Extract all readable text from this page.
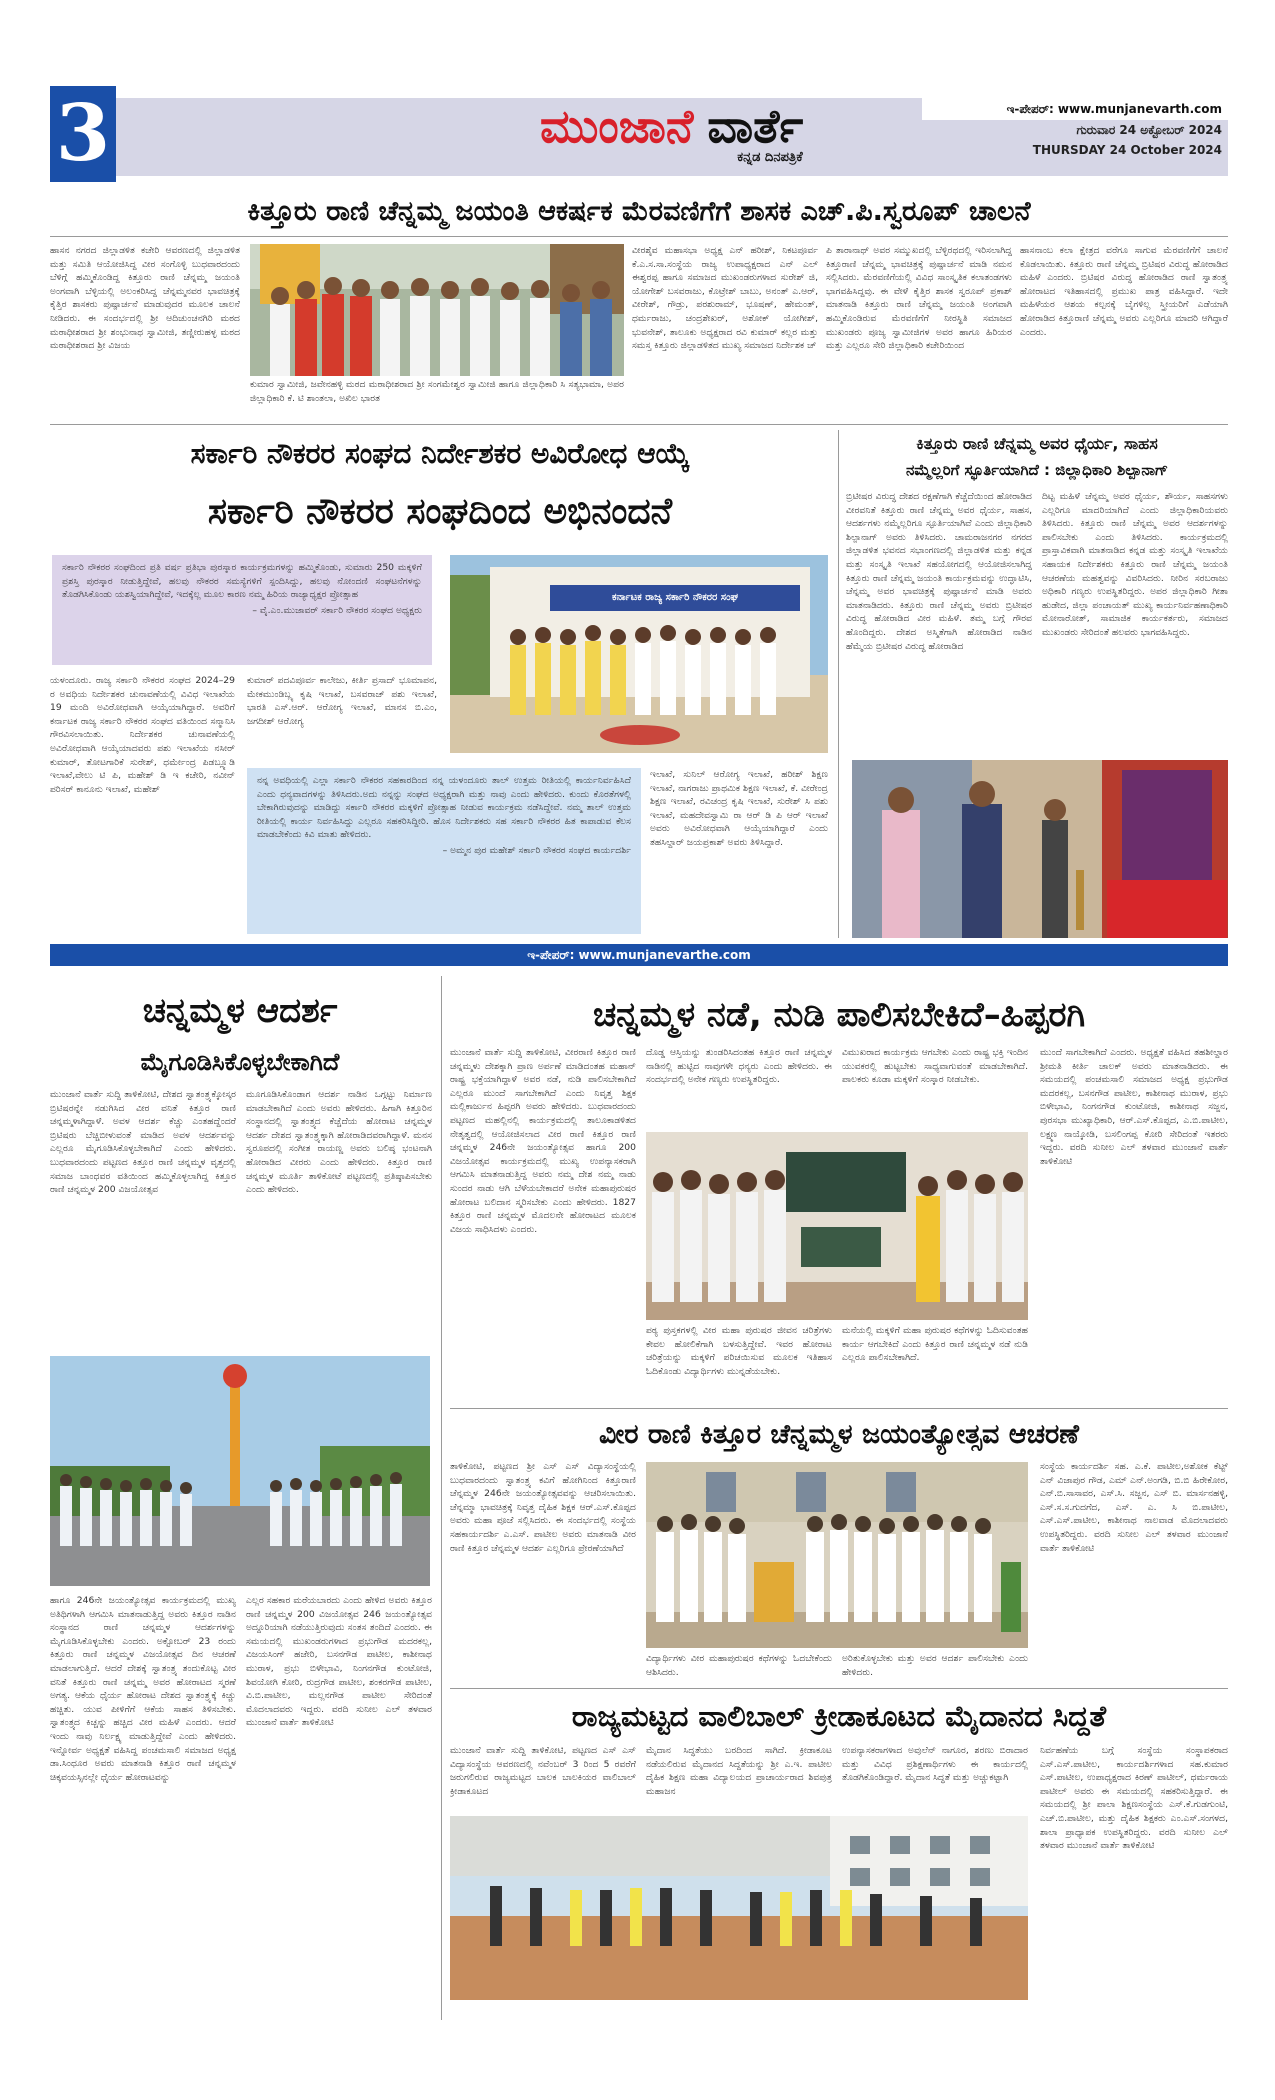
3	ಮುಂಜಾನೆ ವಾರ್ತೆ
ಕನ್ನಡ ದಿನಪತ್ರಿಕೆ
ಇ-ಪೇಪರ್: www.munjanevarth.com
ಗುರುವಾರ 24 ಅಕ್ಟೋಬರ್ 2024
THURSDAY 24 October 2024
ಕಿತ್ತೂರು ರಾಣಿ ಚೆನ್ನಮ್ಮ ಜಯಂತಿ ಆಕರ್ಷಕ ಮೆರವಣಿಗೆಗೆ ಶಾಸಕ ಎಚ್.ಪಿ.ಸ್ವರೂಪ್ ಚಾಲನೆ
ಹಾಸನ ನಗರದ ಜಿಲ್ಲಾಡಳಿತ ಕಚೇರಿ ಆವರಣದಲ್ಲಿ ಜಿಲ್ಲಾಡಳಿತ ಮತ್ತು ಸಮಿತಿ ಆಯೋಜಿಸಿದ್ದ ವೀರ ಸಂಗೊಳ್ಳಿ ಬುಧವಾರದಂದು ಬೆಳಿಗ್ಗೆ ಹಮ್ಮಿಕೊಂಡಿದ್ದ ಕಿತ್ತೂರು ರಾಣಿ ಚೆನ್ನಮ್ಮ ಜಯಂತಿ ಅಂಗವಾಗಿ ಬೆಳ್ಳಿಯಲ್ಲಿ ಅಲಂಕರಿಸಿದ್ದ ಚೆನ್ನಮ್ಮನವರ ಭಾವಚಿತ್ರಕ್ಕೆ ಕೈತ್ತಿರ ಶಾಸಕರು ಪುಷ್ಪಾರ್ಚನೆ ಮಾಡುವುದರ ಮೂಲಕ ಚಾಲನೆ ನೀಡಿದರು. ಈ ಸಂದರ್ಭದಲ್ಲಿ ಶ್ರೀ ಆದಿಚುಂಚನಗಿರಿ ಮಠದ ಮಠಾಧೀಶರಾದ ಶ್ರೀ ಶಂಭುನಾಥ ಸ್ವಾಮೀಜಿ, ತಣ್ಣೀರುಹಳ್ಳ ಮಠದ ಮಠಾಧೀಶರಾದ ಶ್ರೀ ವಿಜಯ
ಕುಮಾರ ಸ್ವಾಮೀಜಿ, ಜವೇನಹಳ್ಳಿ ಮಠದ ಮಠಾಧೀಶರಾದ ಶ್ರೀ ಸಂಗಮೇಶ್ವರ ಸ್ವಾಮೀಜಿ ಹಾಗೂ ಜಿಲ್ಲಾಧಿಕಾರಿ ಸಿ ಸತ್ಯಭಾಮಾ, ಅಪರ ಜಿಲ್ಲಾಧಿಕಾರಿ ಕೆ. ಟಿ ಶಾಂತಲಾ, ಅಖಿಲ ಭಾರತ
ವೀರಶೈವ ಮಹಾಸಭಾ ಅಧ್ಯಕ್ಷ ಎನ್ ಹರೀಶ್, ನಿಕಟಪೂರ್ವ ಕೆ.ಎ.ಸ.ಸಾ.ಸಂಸ್ಥೆಯ ರಾಜ್ಯ ಉಪಾಧ್ಯಕ್ಷರಾದ ಎನ್ ಎಲ್ ಈಶ್ವರಪ್ಪ ಹಾಗೂ ಸಮಾಜದ ಮುಖಂಡರುಗಳಾದ ಸುರೇಶ್ ಜಿ, ಯೋಗೇಶ್ ಬಸವರಾಜು, ಕೊಟ್ರೇಶ್ ಬಾಬು, ಅನಂತ್ ಎ.ಆರ್, ವೀರೇಶ್, ಗೌಡ್ರು, ಪರಶುರಾಮ್, ಭೂಷಣ್, ಹೇಮಂತ್, ಧರ್ಮರಾಜು, ಚಂದ್ರಶೇಖರ್, ಅಶೋಕ್ ಯೋಗೀಶ್, ಭುವನೇಶ್, ತಾಲೂಕು ಅಧ್ಯಕ್ಷರಾದ ರವಿ ಕುಮಾರ್ ಕಲ್ಲರ ಮತ್ತು ಸಮಸ್ತ ಕಿತ್ತೂರು ಜಿಲ್ಲಾಡಳಿತದ ಮುಖ್ಯ ಸಮಾಜದ ನಿರ್ದೇಶಕ ಚ್
ಪಿ ತಾರಾನಾಥ್ ಅವರ ಸಮ್ಮುಖದಲ್ಲಿ ಬೆಳ್ಳಿರಥದಲ್ಲಿ ಇರಿಸಲಾಗಿದ್ದ ಕಿತ್ತೂರಾಣಿ ಚೆನ್ನಮ್ಮ ಭಾವಚಿತ್ರಕ್ಕೆ ಪುಷ್ಪಾರ್ಚನೆ ಮಾಡಿ ನಮನ ಸಲ್ಲಿಸಿದರು. ಮೆರವಣಿಗೆಯಲ್ಲಿ ವಿವಿಧ ಸಾಂಸ್ಕೃತಿಕ ಕಲಾತಂಡಗಳು ಭಾಗವಹಿಸಿದ್ದವು. ಈ ವೇಳೆ ಕೈತ್ತಿರ ಶಾಸಕ ಸ್ವರೂಪ್ ಪ್ರಕಾಶ್ ಮಾತನಾಡಿ ಕಿತ್ತೂರು ರಾಣಿ ಚೆನ್ನಮ್ಮ ಜಯಂತಿ ಅಂಗವಾಗಿ ಹಮ್ಮಿಕೊಂಡಿರುವ ಮೆರವಣಿಗೆಗೆ ನೀರಸ್ಥಿತಿ ಸಮಾಜದ ಮುಖಂಡರು ಪೂಜ್ಯ ಸ್ವಾಮೀಜಿಗಳ ಅವರ ಹಾಗೂ ಹಿರಿಯರ ಮತ್ತು ಎಲ್ಲರೂ ಸೇರಿ ಜಿಲ್ಲಾಧಿಕಾರಿ ಕಚೇರಿಯಿಂದ
ಹಾಸನಾಂಬ ಕಲಾ ಕ್ಷೇತ್ರದ ವರೆಗೂ ಸಾಗುವ ಮೆರವಣಿಗೆಗೆ ಚಾಲನೆ ಕೊಡಲಾಯಿತು. ಕಿತ್ತೂರು ರಾಣಿ ಚೆನ್ನಮ್ಮ ಬ್ರಿಟಿಷರ ವಿರುದ್ಧ ಹೋರಾಡಿದ ಮಹಿಳೆ ಎಂದರು. ಬ್ರಿಟಿಷರ ವಿರುದ್ಧ ಹೋರಾಡಿದ ರಾಣಿ ಸ್ವಾತಂತ್ರ್ಯ ಹೋರಾಟದ ಇತಿಹಾಸದಲ್ಲಿ ಪ್ರಮುಖ ಪಾತ್ರ ವಹಿಸಿದ್ದಾರೆ. ಇದೇ ಮಹಿಳೆಯರ ಆಶಯ ಕಲ್ಪನಕ್ಕೆ ಬೈಗಳಿಲ್ಲ ಸ್ತ್ರೀಯರಿಗೆ ಎಡೆಯಾಗಿ ಹೋರಾಡಿದ ಕಿತ್ತೂರಾಣಿ ಚೆನ್ನಮ್ಮ ಅವರು ಎಲ್ಲರಿಗೂ ಮಾದರಿ ಆಗಿದ್ದಾರೆ ಎಂದರು.
ಸರ್ಕಾರಿ ನೌಕರರ ಸಂಘದ ನಿರ್ದೇಶಕರ ಅವಿರೋಧ ಆಯ್ಕೆ
ಸರ್ಕಾರಿ ನೌಕರರ ಸಂಘದಿಂದ ಅಭಿನಂದನೆ
ಸರ್ಕಾರಿ ನೌಕರರ ಸಂಘದಿಂದ ಪ್ರತಿ ವರ್ಷ ಪ್ರತಿಭಾ ಪುರಸ್ಕಾರ ಕಾರ್ಯಕ್ರಮಗಳನ್ನು ಹಮ್ಮಿಕೊಂಡು, ಸುಮಾರು 250 ಮಕ್ಕಳಿಗೆ ಪ್ರಶಸ್ತಿ ಪುರಸ್ಕಾರ ನೀಡುತ್ತಿದ್ದೇವೆ, ಹಲವು ನೌಕರರ ಸಮಸ್ಯೆಗಳಿಗೆ ಸ್ಪಂದಿಸಿದ್ದು, ಹಲವು ನೋಂದಣಿ ಸಂಘಟನೆಗಳನ್ನು ತೊಡಗಿಸಿಕೊಂಡು ಯಶಸ್ವಿಯಾಗಿದ್ದೇವೆ, ಇದಕ್ಕೆಲ್ಲ ಮೂಲ ಕಾರಣ ನಮ್ಮ ಹಿರಿಯ ರಾಜ್ಯಾಧ್ಯಕ್ಷರ ಪ್ರೋತ್ಸಾಹ
– ವೈ.ಎಂ.ಮುಜಾವರ್ ಸರ್ಕಾರಿ ನೌಕರರ ಸಂಘದ ಅಧ್ಯಕ್ಷರು
ಕರ್ನಾಟಕ ರಾಜ್ಯ ಸರ್ಕಾರಿ ನೌಕರರ ಸಂಘ
ಯಳಂದೂರು. ರಾಜ್ಯ ಸರ್ಕಾರಿ ನೌಕರರ ಸಂಘದ 2024–29 ರ ಅವಧಿಯ ನಿರ್ದೇಶಕರ ಚುನಾವಣೆಯಲ್ಲಿ ವಿವಿಧ ಇಲಾಖೆಯ 19 ಮಂದಿ ಅವಿರೋಧವಾಗಿ ಆಯ್ಕೆಯಾಗಿದ್ದಾರೆ. ಅವರಿಗೆ ಕರ್ನಾಟಕ ರಾಜ್ಯ ಸರ್ಕಾರಿ ನೌಕರರ ಸಂಘದ ವತಿಯಿಂದ ಸನ್ಮಾನಿಸಿ ಗೌರವಿಸಲಾಯಿತು. ನಿರ್ದೇಶಕರ ಚುನಾವಣೆಯಲ್ಲಿ ಅವಿರೋಧವಾಗಿ ಆಯ್ಕೆಯಾದವರು ಪಶು ಇಲಾಖೆಯ ನಸೀರ್ ಕುಮಾರ್, ತೋಟಗಾರಿಕೆ ಸುರೇಶ್, ಧರ್ಮೇಂದ್ರ ಪಿಡಬ್ಲ್ಯೂಡಿ ಇಲಾಖೆ,ವೇಲು ಟಿ ಪಿ, ಮಹೇಶ್ ಡಿ ಇ ಕಚೇರಿ, ನವೀನ್ ಪರಿಸರ್ ಕಾನೂನು ಇಲಾಖೆ, ಮಹೇಶ್
ಕುಮಾರ್ ಪದವಿಪೂರ್ವ ಕಾಲೇಜು, ಕೀರ್ತಿ ಪ್ರಸಾದ್ ಭೂಮಾಪನ, ಮೇಕಮುಂಡಿಬ್ಲ್ಯ ಕೃಷಿ ಇಲಾಖೆ, ಬಸವರಾಜ್ ಪಶು ಇಲಾಖೆ, ಭಾರತಿ ಎಸ್.ಆರ್. ಆರೋಗ್ಯ ಇಲಾಖೆ, ಮಾನಸ ಬಿ.ಎಂ, ಜಗದೀಶ್ ಆರೋಗ್ಯ
ನನ್ನ ಅವಧಿಯಲ್ಲಿ ಎಲ್ಲಾ ಸರ್ಕಾರಿ ನೌಕರರ ಸಹಕಾರದಿಂದ ನನ್ನ ಯಳಂದೂರು ತಾಲ್ ಉತ್ತಮ ರೀತಿಯಲ್ಲಿ ಕಾರ್ಯನಿರ್ವಹಿಸಿದೆ ಎಂದು ಧನ್ಯವಾದಗಳನ್ನು ತಿಳಿಸಿದರು.ಅದು ನನ್ನನ್ನು ಸಂಘದ ಅಧ್ಯಕ್ಷರಾಗಿ ಮತ್ತು ನಾವು ಎಂದು ಹೇಳಿದರು. ಕುಂದು ಕೊರತೆಗಳಲ್ಲಿ ಬೇಕಾಗಿರುವುದನ್ನು ಮಾಡಿದ್ದು ಸರ್ಕಾರಿ ನೌಕರರ ಮಕ್ಕಳಿಗೆ ಪ್ರೋತ್ಸಾಹ ನೀಡುವ ಕಾರ್ಯಕ್ರಮ ನಡೆಸಿದ್ದೇವೆ. ನಮ್ಮ ತಾಲ್ ಉತ್ತಮ ರೀತಿಯಲ್ಲಿ ಕಾರ್ಯ ನಿರ್ವಹಿಸಿದ್ದು ಎಲ್ಲರೂ ಸಹಕರಿಸಿದ್ದೀರಿ. ಹೊಸ ನಿರ್ದೇಶಕರು ಸಹ ಸರ್ಕಾರಿ ನೌಕರರ ಹಿತ ಕಾಪಾಡುವ ಕೆಲಸ ಮಾಡಬೇಕೆಂದು ಕಿವಿ ಮಾತು ಹೇಳಿದರು.
– ಅಮ್ಮನ ಪುರ ಮಹೇಶ್ ಸರ್ಕಾರಿ ನೌಕರರ ಸಂಘದ ಕಾರ್ಯದರ್ಶಿ
ಇಲಾಖೆ, ಸುನಿಲ್ ಆರೋಗ್ಯ ಇಲಾಖೆ, ಹರೀಶ್ ಶಿಕ್ಷಣ ಇಲಾಖೆ, ನಾಗರಾಜು ಪ್ರಾಥಮಿಕ ಶಿಕ್ಷಣ ಇಲಾಖೆ, ಕೆ. ವೀರೇಂದ್ರ ಶಿಕ್ಷಣ ಇಲಾಖೆ, ರವಿಚಂದ್ರ ಕೃಷಿ ಇಲಾಖೆ, ಸುರೇಶ್ ಸಿ ಪಶು ಇಲಾಖೆ, ಮಹದೇವಸ್ವಾಮಿ ರಾ ಆರ್ ಡಿ ಪಿ ಆರ್ ಇಲಾಖೆ ಅವರು ಅವಿರೋಧವಾಗಿ ಆಯ್ಕೆಯಾಗಿದ್ದಾರೆ ಎಂದು ತಹಸಿಲ್ದಾರ್ ಜಯಪ್ರಕಾಶ್ ಅವರು ತಿಳಿಸಿದ್ದಾರೆ.
ಕಿತ್ತೂರು ರಾಣಿ ಚೆನ್ನಮ್ಮ ಅವರ ಧೈರ್ಯ, ಸಾಹಸ
ನಮ್ಮೆಲ್ಲರಿಗೆ ಸ್ಫೂರ್ತಿಯಾಗಿದೆ : ಜಿಲ್ಲಾಧಿಕಾರಿ ಶಿಲ್ಪಾನಾಗ್
ಬ್ರಿಟೀಷರ ವಿರುದ್ಧ ದೇಶದ ರಕ್ಷಣೆಗಾಗಿ ಕೆಚ್ಚೆದೆಯಿಂದ ಹೋರಾಡಿದ ವೀರವನಿತೆ ಕಿತ್ತೂರು ರಾಣಿ ಚೆನ್ನಮ್ಮ ಅವರ ಧೈರ್ಯ, ಸಾಹಸ, ಆದರ್ಶಗಳು ನಮ್ಮೆಲ್ಲರಿಗೂ ಸ್ಫೂರ್ತಿಯಾಗಿವೆ ಎಂದು ಜಿಲ್ಲಾಧಿಕಾರಿ ಶಿಲ್ಪಾನಾಗ್ ಅವರು ತಿಳಿಸಿದರು. ಚಾಮರಾಜನಗರ ನಗರದ ಜಿಲ್ಲಾಡಳಿತ ಭವನದ ಸಭಾಂಗಣದಲ್ಲಿ ಜಿಲ್ಲಾಡಳಿತ ಮತ್ತು ಕನ್ನಡ ಮತ್ತು ಸಂಸ್ಕೃತಿ ಇಲಾಖೆ ಸಹಯೋಗದಲ್ಲಿ ಆಯೋಜಿಸಲಾಗಿದ್ದ ಕಿತ್ತೂರು ರಾಣಿ ಚೆನ್ನಮ್ಮ ಜಯಂತಿ ಕಾರ್ಯಕ್ರಮವನ್ನು ಉದ್ಘಾಟಿಸಿ, ಚೆನ್ನಮ್ಮ ಅವರ ಭಾವಚಿತ್ರಕ್ಕೆ ಪುಷ್ಪಾರ್ಚನೆ ಮಾಡಿ ಅವರು ಮಾತನಾಡಿದರು. ಕಿತ್ತೂರು ರಾಣಿ ಚೆನ್ನಮ್ಮ ಅವರು ಬ್ರಿಟೀಷರ ವಿರುದ್ಧ ಹೋರಾಡಿದ ವೀರ ಮಹಿಳೆ. ತಮ್ಮ ಬಗ್ಗೆ ಗೌರವ ಹೊಂದಿದ್ದರು. ದೇಶದ ಅಸ್ಮಿತೆಗಾಗಿ ಹೋರಾಡಿದ ನಾಡಿನ ಹೆಮ್ಮೆಯ ಬ್ರಿಟೀಷರ ವಿರುದ್ಧ ಹೋರಾಡಿದ
ದಿಟ್ಟ ಮಹಿಳೆ ಚೆನ್ನಮ್ಮ ಅವರ ಧೈರ್ಯ, ಶೌರ್ಯ, ಸಾಹಸಗಳು ಎಲ್ಲರಿಗೂ ಮಾದರಿಯಾಗಿದೆ ಎಂದು ಜಿಲ್ಲಾಧಿಕಾರಿಯವರು ತಿಳಿಸಿದರು. ಕಿತ್ತೂರು ರಾಣಿ ಚೆನ್ನಮ್ಮ ಅವರ ಆದರ್ಶಗಳನ್ನು ಪಾಲಿಸಬೇಕು ಎಂದು ತಿಳಿಸಿದರು. ಕಾರ್ಯಕ್ರಮದಲ್ಲಿ ಪ್ರಾಸ್ತಾವಿಕವಾಗಿ ಮಾತನಾಡಿದ ಕನ್ನಡ ಮತ್ತು ಸಂಸ್ಕೃತಿ ಇಲಾಖೆಯ ಸಹಾಯಕ ನಿರ್ದೇಶಕರು ಕಿತ್ತೂರು ರಾಣಿ ಚೆನ್ನಮ್ಮ ಜಯಂತಿ ಆಚರಣೆಯ ಮಹತ್ವವನ್ನು ವಿವರಿಸಿದರು. ನೀರಿನ ಸರಬರಾಜು ಅಧಿಕಾರಿ ಗಣ್ಯರು ಉಪಸ್ಥಿತರಿದ್ದರು. ಅಪರ ಜಿಲ್ಲಾಧಿಕಾರಿ ಗೀತಾ ಹುಡೇದ, ಜಿಲ್ಲಾ ಪಂಚಾಯತ್ ಮುಖ್ಯ ಕಾರ್ಯನಿರ್ವಹಣಾಧಿಕಾರಿ ಮೋನಾರೋತ್, ಸಾಮಾಜಿಕ ಕಾರ್ಯಕರ್ತರು, ಸಮಾಜದ ಮುಖಂಡರು ಸೇರಿದಂತೆ ಹಲವರು ಭಾಗವಹಿಸಿದ್ದರು.
ಇ-ಪೇಪರ್: www.munjanevarthe.com
ಚನ್ನಮ್ಮಳ ಆದರ್ಶ
ಮೈಗೂಡಿಸಿಕೊಳ್ಳಬೇಕಾಗಿದೆ
ಮುಂಜಾನೆ ವಾರ್ತೆ ಸುದ್ದಿ ತಾಳಿಕೋಟಿ, ದೇಶದ ಸ್ವಾತಂತ್ರ್ಯಕ್ಕೋಸ್ಕರ ಬ್ರಿಟಿಷರನ್ನೇ ನಡುಗಿಸಿದ ವೀರ ವನಿತೆ ಕಿತ್ತೂರ ರಾಣಿ ಚನ್ನಮ್ಮಳಾಗಿದ್ದಾಳೆ. ಅವಳ ಆದರ್ಶ ಕೆಚ್ಚು ಎಂತಹದ್ದೆಂದರೆ ಬ್ರಿಟಿಷರು ಬೆಚ್ಚಿಬೀಳುವಂತೆ ಮಾಡಿದ ಅವಳ ಆದರ್ಶವನ್ನು ಎಲ್ಲರೂ ಮೈಗೂಡಿಸಿಕೊಳ್ಳಬೇಕಾಗಿದೆ ಎಂದು ಹೇಳಿದರು. ಬುಧವಾರದಂದು ಪಟ್ಟಣದ ಕಿತ್ತೂರ ರಾಣಿ ಚನ್ನಮ್ಮಳ ವೃತ್ತದಲ್ಲಿ ಸಮಾಜ ಬಾಂಧವರ ವತಿಯಿಂದ ಹಮ್ಮಿಕೊಳ್ಳಲಾಗಿದ್ದ ಕಿತ್ತೂರ ರಾಣಿ ಚನ್ನಮ್ಮಳ 200 ವಿಜಯೋತ್ಸವ
ಮೂಗೂಡಿಸಿಕೊಂಡಾಗ ಆದರ್ಶ ನಾಡಿನ ಒಗ್ಗಟ್ಟು ನಿರ್ಮಾಣ ಮಾಡಬೇಕಾಗಿದೆ ಎಂದು ಅವರು ಹೇಳಿದರು. ಹಿಗಾಗಿ ಕಿತ್ತೂರಿನ ಸಂಸ್ಥಾನದಲ್ಲಿ ಸ್ವಾತಂತ್ರ್ಯದ ಕೆಚ್ಚೆದೆಯ ಹೋರಾಟ ಚನ್ನಮ್ಮಳ ಆದರ್ಶ ದೇಶದ ಸ್ವಾತಂತ್ರ್ಯಕ್ಕಾಗಿ ಹೋರಾಡಿದವರಾಗಿದ್ದಾಳೆ. ಮನಸ ಸ್ವರೂಪದಲ್ಲಿ ಸಂಗೀತ ರಾಯಣ್ಣ ಅವರು ಬಲಿಷ್ಠ ಭಂಟನಾಗಿ ಹೋರಾಡಿದ ವೀರರು ಎಂದು ಹೇಳಿದರು. ಕಿತ್ತೂರ ರಾಣಿ ಚನ್ನಮ್ಮಳ ಮೂರ್ತಿ ತಾಳಿಕೋಟೆ ಪಟ್ಟಣದಲ್ಲಿ ಪ್ರತಿಷ್ಠಾಪಿಸಬೇಕು ಎಂದು ಹೇಳಿದರು.
ಹಾಗೂ 246ನೇ ಜಯಂತ್ಯೋತ್ಸವ ಕಾರ್ಯಕ್ರಮದಲ್ಲಿ ಮುಖ್ಯ ಅತಿಥಿಗಳಾಗಿ ಆಗಮಿಸಿ ಮಾತನಾಡುತ್ತಿದ್ದ ಅವರು ಕಿತ್ತೂರ ನಾಡಿನ ಸಂಸ್ಥಾನದ ರಾಣಿ ಚನ್ನಮ್ಮಳ ಆದರ್ಶಗಳನ್ನು ಮೈಗೂಡಿಸಿಕೊಳ್ಳಬೇಕು ಎಂದರು. ಅಕ್ಟೋಬರ್ 23 ರಂದು ಕಿತ್ತೂರು ರಾಣಿ ಚನ್ನಮ್ಮಳ ವಿಜಯೋತ್ಸವ ದಿನ ಆಚರಣೆ ಮಾಡಲಾಗುತ್ತಿದೆ. ಆದರೆ ದೇಶಕ್ಕೆ ಸ್ವಾತಂತ್ರ್ಯ ತಂದುಕೊಟ್ಟ ವೀರ ವನಿತೆ ಕಿತ್ತೂರು ರಾಣಿ ಚನ್ನಮ್ಮ ಅವರ ಹೋರಾಟದ ಸ್ಮರಣೆ ಅಗತ್ಯ. ಆಕೆಯ ಧೈರ್ಯ ಹೋರಾಟ ದೇಶದ ಸ್ವಾತಂತ್ರ್ಯಕ್ಕೆ ಕಿಚ್ಚು ಹಚ್ಚಿತು. ಯುವ ಪೀಳಿಗೆಗೆ ಆಕೆಯ ಸಾಹಸ ತಿಳಿಸಬೇಕು. ಸ್ವಾತಂತ್ರ್ಯದ ಕಿಚ್ಚನ್ನು ಹಚ್ಚಿದ ವೀರ ಮಹಿಳೆ ಎಂದರು. ಆದರೆ ಇಂದು ನಾವು ನಿರ್ಲಕ್ಷ್ಯ ಮಾಡುತ್ತಿದ್ದೇವೆ ಎಂದು ಹೇಳಿದರು. ಇನ್ನೋರ್ವ ಅಧ್ಯಕ್ಷತೆ ವಹಿಸಿದ್ದ ಪಂಚಮಸಾಲಿ ಸಮಾಜದ ಅಧ್ಯಕ್ಷ ಡಾ.ಸಿಂಧೂರ ಅವರು ಮಾತನಾಡಿ ಕಿತ್ತೂರ ರಾಣಿ ಚನ್ನಮ್ಮಳ ಚಿಕ್ಕವಯಸ್ಸಿನಲ್ಲೇ ಧೈರ್ಯ ಹೋರಾಟವನ್ನು
ಎಲ್ಲರ ಸಹಕಾರ ಮರೆಯಬಾರದು ಎಂದು ಹೇಳಿದ ಅವರು ಕಿತ್ತೂರ ರಾಣಿ ಚನ್ನಮ್ಮಳ 200 ವಿಜಯೋತ್ಸವ 246 ಜಯಂತ್ಯೋತ್ಸವ ಅದ್ದೂರಿಯಾಗಿ ನಡೆಯುತ್ತಿರುವುದು ಸಂತಸ ತಂದಿದೆ ಎಂದರು. ಈ ಸಮಯದಲ್ಲಿ ಮುಖಂಡರುಗಳಾದ ಪ್ರಭುಗೌಡ ಮದರಕಲ್ಲ, ವಿಜಯಸಿಂಗ್ ಹಜೇರಿ, ಬಸನಗೌಡ ಪಾಟೀಲ, ಕಾಶೀನಾಥ ಮುರಾಳ, ಪ್ರಭು ಬಿಳೇಭಾವಿ, ನಿಂಗನಗೌಡ ಕುಂಟೋಜಿ, ಶಿವಯೋಗಿ ಕೋರಿ, ರುದ್ರಗೌಡ ಪಾಟೀಲ, ಶಂಕರಗೌಡ ಪಾಟೀಲ, ವಿ.ಬಿ.ಪಾಟೀಲ, ಮಲ್ಲನಗೌಡ ಪಾಟೀಲ ಸೇರಿದಂತೆ ಮೊದಲಾದವರು ಇದ್ದರು. ವರದಿ ಸುನೀಲ ಎಲ್ ತಳವಾರ ಮುಂಜಾನೆ ವಾರ್ತೆ ತಾಳಿಕೋಟಿ
ಚನ್ನಮ್ಮಳ ನಡೆ, ನುಡಿ ಪಾಲಿಸಬೇಕಿದೆ–ಹಿಪ್ಪರಗಿ
ಮುಂಜಾನೆ ವಾರ್ತೆ ಸುದ್ದಿ ತಾಳಿಕೋಟಿ, ವೀರರಾಣಿ ಕಿತ್ತೂರ ರಾಣಿ ಚನ್ನಮ್ಮಳು ದೇಶಕ್ಕಾಗಿ ಪ್ರಾಣ ಅರ್ಪಣೆ ಮಾಡಿದಂತಹ ಮಹಾನ್ ರಾಷ್ಟ್ರ ಭಕ್ತೆಯಾಗಿದ್ದಾಳೆ ಅವರ ನಡೆ, ನುಡಿ ಪಾಲಿಸಬೇಕಾಗಿದೆ ಎಲ್ಲರೂ ಮುಂದೆ ಸಾಗಬೇಕಾಗಿದೆ ಎಂದು ನಿವೃತ್ತ ಶಿಕ್ಷಕ ಮಲ್ಲಿಕಾರ್ಜುನ ಹಿಪ್ಪರಗಿ ಅವರು ಹೇಳಿದರು. ಬುಧವಾರದಂದು ಪಟ್ಟಣದ ಮಹಲ್ಲಿನಲ್ಲಿ ಕಾರ್ಯಕ್ರಮದಲ್ಲಿ ತಾಲೂಕಾಡಳಿತದ ನೇತೃತ್ವದಲ್ಲಿ ಆಯೋಜಿಸಲಾದ ವೀರ ರಾಣಿ ಕಿತ್ತೂರ ರಾಣಿ ಚನ್ನಮ್ಮಳ 246ನೇ ಜಯಂತ್ಯೋತ್ಸವ ಹಾಗೂ 200 ವಿಜಯೋತ್ಸವ ಕಾರ್ಯಕ್ರಮದಲ್ಲಿ ಮುಖ್ಯ ಉಪನ್ಯಾಸಕರಾಗಿ ಆಗಮಿಸಿ ಮಾತನಾಡುತ್ತಿದ್ದ ಅವರು ನಮ್ಮ ದೇಶ ನಮ್ಮ ನಾಡು ಸುಂದರ ನಾಡು ಆಗಿ ಬೆಳೆಯಬೇಕಾದರೆ ಅನೇಕ ಮಹಾಪುರುಷರ ಹೋರಾಟ ಬಲಿದಾನ ಸ್ಮರಿಸಬೇಕು ಎಂದು ಹೇಳಿದರು. 1827 ಕಿತ್ತೂರ ರಾಣಿ ಚನ್ನಮ್ಮಳ ಮೊದಲನೇ ಹೋರಾಟದ ಮೂಲಕ ವಿಜಯ ಸಾಧಿಸಿದಳು ಎಂದರು.
ದೊಡ್ಡ ಆಸ್ತಿಯನ್ನು ತುಂಡರಿಸಿದಂತಹ ಕಿತ್ತೂರ ರಾಣಿ ಚನ್ನಮ್ಮಳ ನಾಡಿನಲ್ಲಿ ಹುಟ್ಟಿದ ನಾವುಗಳೇ ಧನ್ಯರು ಎಂದು ಹೇಳಿದರು. ಈ ಸಂದರ್ಭದಲ್ಲಿ ಅನೇಕ ಗಣ್ಯರು ಉಪಸ್ಥಿತರಿದ್ದರು.
ವಿಮುಖರಾದ ಕಾರ್ಯಕ್ರಮ ಆಗಬೇಕು ಎಂದು ರಾಷ್ಟ್ರ ಭಕ್ತಿ ಇಂದಿನ ಯುವಕರಲ್ಲಿ ಹುಟ್ಟಬೇಕು ಸಾಧ್ಯವಾಗುವಂತೆ ಮಾಡಬೇಕಾಗಿದೆ. ಪಾಲಕರು ಕೂಡಾ ಮಕ್ಕಳಿಗೆ ಸಂಸ್ಕಾರ ನೀಡಬೇಕು.
ಪಠ್ಯ ಪುಸ್ತಕಗಳಲ್ಲಿ ವೀರ ಮಹಾ ಪುರುಷರ ಜೀವನ ಚರಿತ್ರೆಗಳು ಕೇವಲ ಹೋಲಿಕೆಗಾಗಿ ಬಳಸುತ್ತಿದ್ದೇವೆ. ಇವರ ಹೋರಾಟ ಚರಿತ್ರೆಯನ್ನು ಮಕ್ಕಳಿಗೆ ಪರಿಚಯಿಸುವ ಮೂಲಕ ಇತಿಹಾಸ ಓದಿಕೊಂಡು ವಿದ್ಯಾರ್ಥಿಗಳು ಮುನ್ನಡೆಯಬೇಕು.
ಮನೆಯಲ್ಲಿ ಮಕ್ಕಳಿಗೆ ಮಹಾ ಪುರುಷರ ಕಥೆಗಳನ್ನು ಓದಿಸುವಂತಹ ಕಾರ್ಯ ಆಗಬೇಕಿದೆ ಎಂದು ಕಿತ್ತೂರ ರಾಣಿ ಚನ್ನಮ್ಮಳ ನಡೆ ನುಡಿ ಎಲ್ಲರೂ ಪಾಲಿಸಬೇಕಾಗಿದೆ.
ಮುಂದೆ ಸಾಗಬೇಕಾಗಿದೆ ಎಂದರು. ಅಧ್ಯಕ್ಷತೆ ವಹಿಸಿದ ತಹಶೀಲ್ದಾರ ಶ್ರೀಮತಿ ಕೀರ್ತಿ ಚಾಲಕ್ ಅವರು ಮಾತನಾಡಿದರು. ಈ ಸಮಯದಲ್ಲಿ ಪಂಚಮಸಾಲಿ ಸಮಾಜದ ಅಧ್ಯಕ್ಷ ಪ್ರಭುಗೌಡ ಮದರಕಲ್ಲ, ಬಸನಗೌಡ ಪಾಟೀಲ, ಕಾಶೀನಾಥ ಮುರಾಳ, ಪ್ರಭು ಬಿಳೇಭಾವಿ, ನಿಂಗನಗೌಡ ಕುಂಟೋಜಿ, ಕಾಶೀನಾಥ ಸಜ್ಜನ, ಪುರಸಭಾ ಮುಖ್ಯಾಧಿಕಾರಿ, ಆರ್.ಎಸ್.ಕೊಪ್ಪದ, ಎ.ಬಿ.ಪಾಟೀಲ, ಲಕ್ಷ್ಮಣ ನಾಯ್ಕೋಡಿ, ಬಸಲಿಂಗಪ್ಪ ಕೋರಿ ಸೇರಿದಂತೆ ಇತರರು ಇದ್ದರು. ವರದಿ ಸುನೀಲ ಎಲ್ ತಳವಾರ ಮುಂಜಾನೆ ವಾರ್ತೆ ತಾಳಿಕೋಟಿ
ವೀರ ರಾಣಿ ಕಿತ್ತೂರ ಚೆನ್ನಮ್ಮಳ ಜಯಂತ್ಯೋತ್ಸವ ಆಚರಣೆ
ತಾಳಿಕೋಟಿ, ಪಟ್ಟಣದ ಶ್ರೀ ಎಸ್ ಎಸ್ ವಿದ್ಯಾಸಂಸ್ಥೆಯಲ್ಲಿ ಬುಧವಾರದಂದು ಸ್ವಾತಂತ್ರ್ಯ ಕವಿಗೆ ಹೋಗಿನಿಂದ ಕಿತ್ತೂರಾಣಿ ಚೆನ್ನಮ್ಮಳ 246ನೇ ಜಯಂತ್ಯೋತ್ಸವವನ್ನು ಆಚರಿಸಲಾಯಿತು. ಚೆನ್ನಮ್ಮಾ ಭಾವಚಿತ್ರಕ್ಕೆ ನಿವೃತ್ತ ದೈಹಿಕ ಶಿಕ್ಷಕ ಆರ್.ಎಸ್.ಕೊಪ್ಪದ ಅವರು ಮಹಾ ಪೂಜೆ ಸಲ್ಲಿಸಿದರು. ಈ ಸಂದರ್ಭದಲ್ಲಿ ಸಂಸ್ಥೆಯ ಸಹಕಾರ್ಯದರ್ಶಿ ಎ.ಎಸ್. ಪಾಟೀಲ ಅವರು ಮಾತನಾಡಿ ವೀರ ರಾಣಿ ಕಿತ್ತೂರ ಚೆನ್ನಮ್ಮಳ ಆದರ್ಶ ಎಲ್ಲರಿಗೂ ಪ್ರೇರಣೆಯಾಗಿದೆ
ವಿದ್ಯಾರ್ಥಿಗಳು ವೀರ ಮಹಾಪುರುಷರ ಕಥೆಗಳನ್ನು ಓದಬೇಕೆಂದು ಆಶಿಸಿದರು.
ಅರಿತುಕೊಳ್ಳಬೇಕು ಮತ್ತು ಅವರ ಆದರ್ಶ ಪಾಲಿಸಬೇಕು ಎಂದು ಹೇಳಿದರು.
ಸಂಸ್ಥೆಯ ಕಾರ್ಯದರ್ಶಿ ಸಹ. ಎ.ಕೆ. ಪಾಟೀಲ,ಅಶೋಕ ಕೆಟ್ಟ್ ಎನ್ ವಿಜಾಪುರ ಗೌಡ, ಎಮ್ ಎನ್.ಅಂಗಡಿ, ಬಿ.ಬಿ ಹಿರೇಕೋರ, ಎನ್.ಬಿ.ಸಾಸಾವರ, ಎಸ್.ಸಿ. ಸಜ್ಜನ, ಎಸ್ ಬಿ. ಮಾರ್ಸನಹಳ್ಳಿ, ಎಸ್.ಸ.ಸ.ಗುದಗೆದ, ಎಸ್. ಎ. ಸಿ ಬಿ.ಪಾಟೀಲ, ಎಸ್.ಎಸ್.ಪಾಟೀಲ, ಕಾಶೀನಾಥ ನಾಲವಾಡ ಮೊದಲಾದವರು ಉಪಸ್ಥಿತರಿದ್ದರು. ವರದಿ ಸುನೀಲ ಎಲ್ ತಳವಾರ ಮುಂಜಾನೆ ವಾರ್ತೆ ತಾಳಿಕೋಟಿ
ರಾಜ್ಯಮಟ್ಟದ ವಾಲಿಬಾಲ್ ಕ್ರೀಡಾಕೂಟದ ಮೈದಾನದ ಸಿದ್ದತೆ
ಮುಂಜಾನೆ ವಾರ್ತೆ ಸುದ್ದಿ ತಾಳಿಕೋಟಿ, ಪಟ್ಟಣದ ಎಸ್ ಎಸ್ ವಿದ್ಯಾಸಂಸ್ಥೆಯ ಆವರಣದಲ್ಲಿ ನವೆಂಬರ್ 3 ರಿಂದ 5 ರವರೆಗೆ ಜರುಗಲಿರುವ ರಾಜ್ಯಮಟ್ಟದ ಬಾಲಕ ಬಾಲಕಿಯರ ವಾಲಿಬಾಲ್ ಕ್ರೀಡಾಕೂಟದ
ಮೈದಾನ ಸಿದ್ಧತೆಯು ಬರದಿಂದ ಸಾಗಿದೆ. ಕ್ರೀಡಾಕೂಟ ನಡೆಯಲಿರುವ ಮೈದಾನದ ಸಿದ್ದತೆಯನ್ನು ಶ್ರೀ ಎ.ಇ. ಪಾಟೀಲ ದೈಹಿಕ ಶಿಕ್ಷಣ ಮಹಾ ವಿದ್ಯಾಲಯದ ಪ್ರಾಚಾರ್ಯರಾದ ಶಿವಪುತ್ರ ಮಹಾಜನ
ಉಪನ್ಯಾಸಕರಾಗಳಾದ ಅವುಲೆನ್ ನಾಗೂರ, ಶರಣು ಬಿರಾದಾರ ಮತ್ತು ವಿವಿಧ ಪ್ರಶಿಕ್ಷಣಾರ್ಥಿಗಳು ಈ ಕಾರ್ಯದಲ್ಲಿ ತೊಡಗಿಕೊಂಡಿದ್ದಾರೆ. ಮೈದಾನ ಸಿದ್ಧತೆ ಮತ್ತು ಅಚ್ಚುಕಟ್ಟಾಗಿ
ನಿರ್ವಹಣೆಯ ಬಗ್ಗೆ ಸಂಸ್ಥೆಯ ಸಂಸ್ಥಾಪಕರಾದ ಎಸ್.ಎಸ್.ಪಾಟೀಲ, ಕಾರ್ಯದರ್ಶಿಗಳಾದ ಸಹ.ಕುಮಾರ ಎಸ್.ಪಾಟೀಲ, ಉಪಾಧ್ಯಕ್ಷರಾದ ಕಿರಣ್ ಪಾಟೀಲ್, ಧರ್ಮರಾಯ ಪಾಟೀಲ್ ಅವರು ಈ ಸಮಯದಲ್ಲಿ ಸಹಕರಿಸುತ್ತಿದ್ದಾರೆ. ಈ ಸಮಯದಲ್ಲಿ ಶ್ರೀ ಪಾಲಾ ಶಿಕ್ಷಣಸಂಸ್ಥೆಯ ಎಸ್.ಕೆ.ಗುಡಗುಂಟಿ, ಎಚ್.ಬಿ.ಪಾಟೀಲ, ಮತ್ತು ದೈಹಿಕ ಶಿಕ್ಷಕರು ಎಂ.ಎಸ್.ಸಂಗಳದ, ಶಾಲಾ ಪ್ರಾಧ್ಯಾಪಕ ಉಪಸ್ಥಿತರಿದ್ದರು. ವರದಿ ಸುನೀಲ ಎಲ್ ತಳವಾರ ಮುಂಜಾನೆ ವಾರ್ತೆ ತಾಳಿಕೋಟಿ
